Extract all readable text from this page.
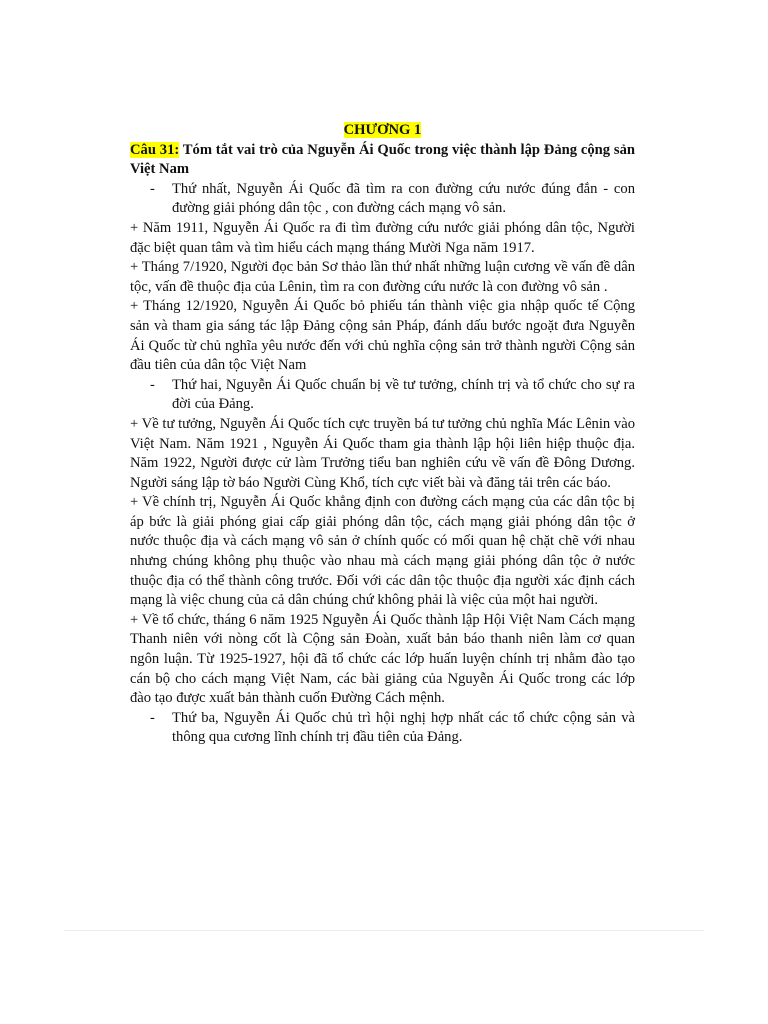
CHƯƠNG 1

Câu 31: Tóm tắt vai trò của Nguyễn Ái Quốc trong việc thành lập Đảng cộng sản Việt Nam

- Thứ nhất, Nguyễn Ái Quốc đã tìm ra con đường cứu nước đúng đắn - con đường giải phóng dân tộc , con đường cách mạng vô sản.

+ Năm 1911, Nguyễn Ái Quốc ra đi tìm đường cứu nước giải phóng dân tộc, Người đặc biệt quan tâm và tìm hiểu cách mạng tháng Mười Nga năm 1917.

+ Tháng 7/1920, Người đọc bản Sơ thảo lần thứ nhất những luận cương về vấn đề dân tộc, vấn đề thuộc địa của Lênin, tìm ra con đường cứu nước là con đường vô sản .

+ Tháng 12/1920, Nguyễn Ái Quốc bỏ phiếu tán thành việc gia nhập quốc tế Cộng sản và tham gia sáng tác lập Đảng cộng sản Pháp, đánh dấu bước ngoặt đưa Nguyễn Ái Quốc từ chủ nghĩa yêu nước đến với chủ nghĩa cộng sản trở thành người Cộng sản đầu tiên của dân tộc Việt Nam

- Thứ hai, Nguyễn Ái Quốc chuẩn bị về tư tưởng, chính trị và tổ chức cho sự ra đời của Đảng.

+ Về tư tưởng, Nguyễn Ái Quốc tích cực truyền bá tư tưởng chủ nghĩa Mác Lênin vào Việt Nam. Năm 1921 , Nguyễn Ái Quốc tham gia thành lập hội liên hiệp thuộc địa. Năm 1922, Người được cử làm Trưởng tiểu ban nghiên cứu về vấn đề Đông Dương. Người sáng lập tờ báo Người Cùng Khổ, tích cực viết bài và đăng tải trên các báo.

+ Về chính trị, Nguyễn Ái Quốc khẳng định con đường cách mạng của các dân tộc bị áp bức là giải phóng giai cấp giải phóng dân tộc, cách mạng giải phóng dân tộc ở nước thuộc địa và cách mạng vô sản ở chính quốc có mối quan hệ chặt chẽ với nhau nhưng chúng không phụ thuộc vào nhau mà cách mạng giải phóng dân tộc ở nước thuộc địa có thể thành công trước. Đối với các dân tộc thuộc địa người xác định cách mạng là việc chung của cả dân chúng chứ không phải là việc của một hai người.

+ Về tổ chức, tháng 6 năm 1925 Nguyễn Ái Quốc thành lập Hội Việt Nam Cách mạng Thanh niên với nòng cốt là Cộng sản Đoàn, xuất bản báo thanh niên làm cơ quan ngôn luận. Từ 1925-1927, hội đã tổ chức các lớp huấn luyện chính trị nhằm đào tạo cán bộ cho cách mạng Việt Nam, các bài giảng của Nguyễn Ái Quốc trong các lớp đào tạo được xuất bản thành cuốn Đường Cách mệnh.

- Thứ ba, Nguyễn Ái Quốc chủ trì hội nghị hợp nhất các tổ chức cộng sản và thông qua cương lĩnh chính trị đầu tiên của Đảng.
